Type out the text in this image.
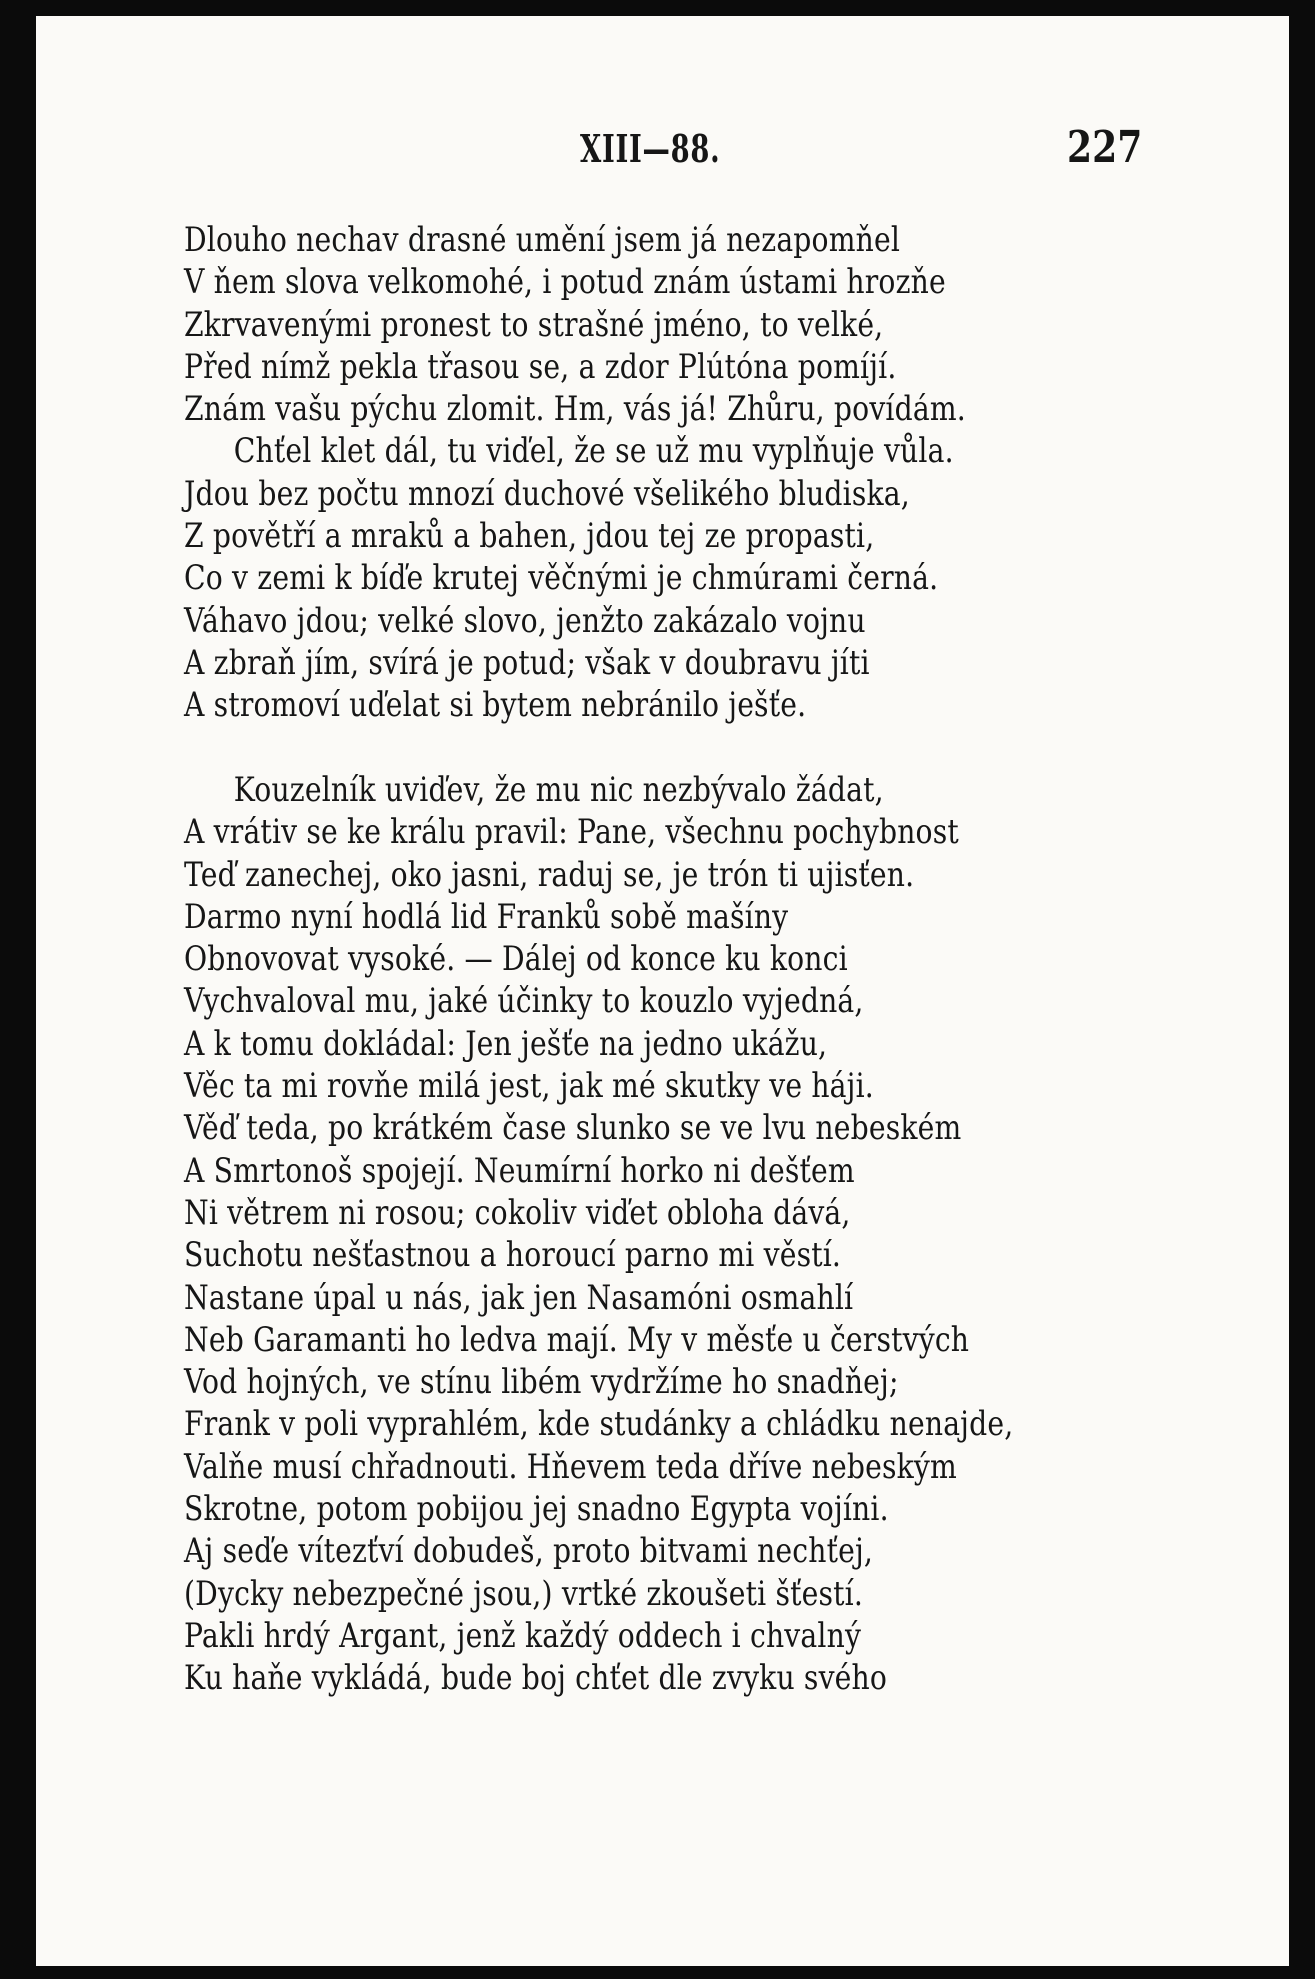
XIII—88.	227
Dlouho nechav drasné umění jsem já nezapomňel
V ňem slova velkomohé, i potud znám ústami hrozňe
Zkrvavenými pronest to strašné jméno, to velké,
Před nímž pekla třasou se, a zdor Plútóna pomíjí.
Znám vašu pýchu zlomit. Hm, vás já! Zhůru, povídám.
Chťel klet dál, tu viďel, že se už mu vyplňuje vůla.
Jdou bez počtu mnozí duchové všelikého bludiska,
Z povětří a mraků a bahen, jdou tej ze propasti,
Co v zemi k bíďe krutej věčnými je chmúrami černá.
Váhavo jdou; velké slovo, jenžto zakázalo vojnu
A zbraň jím, svírá je potud; však v doubravu jíti
A stromoví uďelat si bytem nebránilo ješťe.
Kouzelník uviďev, že mu nic nezbývalo žádat,
A vrátiv se ke králu pravil: Pane, všechnu pochybnost
Teď zanechej, oko jasni, raduj se, je trón ti ujisťen.
Darmo nyní hodlá lid Franků sobě mašíny
Obnovovat vysoké. — Dálej od konce ku konci
Vychvaloval mu, jaké účinky to kouzlo vyjedná,
A k tomu dokládal: Jen ješťe na jedno ukážu,
Věc ta mi rovňe milá jest, jak mé skutky ve háji.
Věď teda, po krátkém čase slunko se ve lvu nebeském
A Smrtonoš spojejí. Neumírní horko ni dešťem
Ni větrem ni rosou; cokoliv viďet obloha dává,
Suchotu nešťastnou a horoucí parno mi věstí.
Nastane úpal u nás, jak jen Nasamóni osmahlí
Neb Garamanti ho ledva mají. My v měsťe u čerstvých
Vod hojných, ve stínu libém vydržíme ho snadňej;
Frank v poli vyprahlém, kde studánky a chládku nenajde,
Valňe musí chřadnouti. Hňevem teda dříve nebeským
Skrotne, potom pobijou jej snadno Egypta vojíni.
Aj seďe vítezťví dobudeš, proto bitvami nechťej,
(Dycky nebezpečné jsou,) vrtké zkoušeti šťestí.
Pakli hrdý Argant, jenž každý oddech i chvalný
Ku haňe vykládá, bude boj chťet dle zvyku svého
